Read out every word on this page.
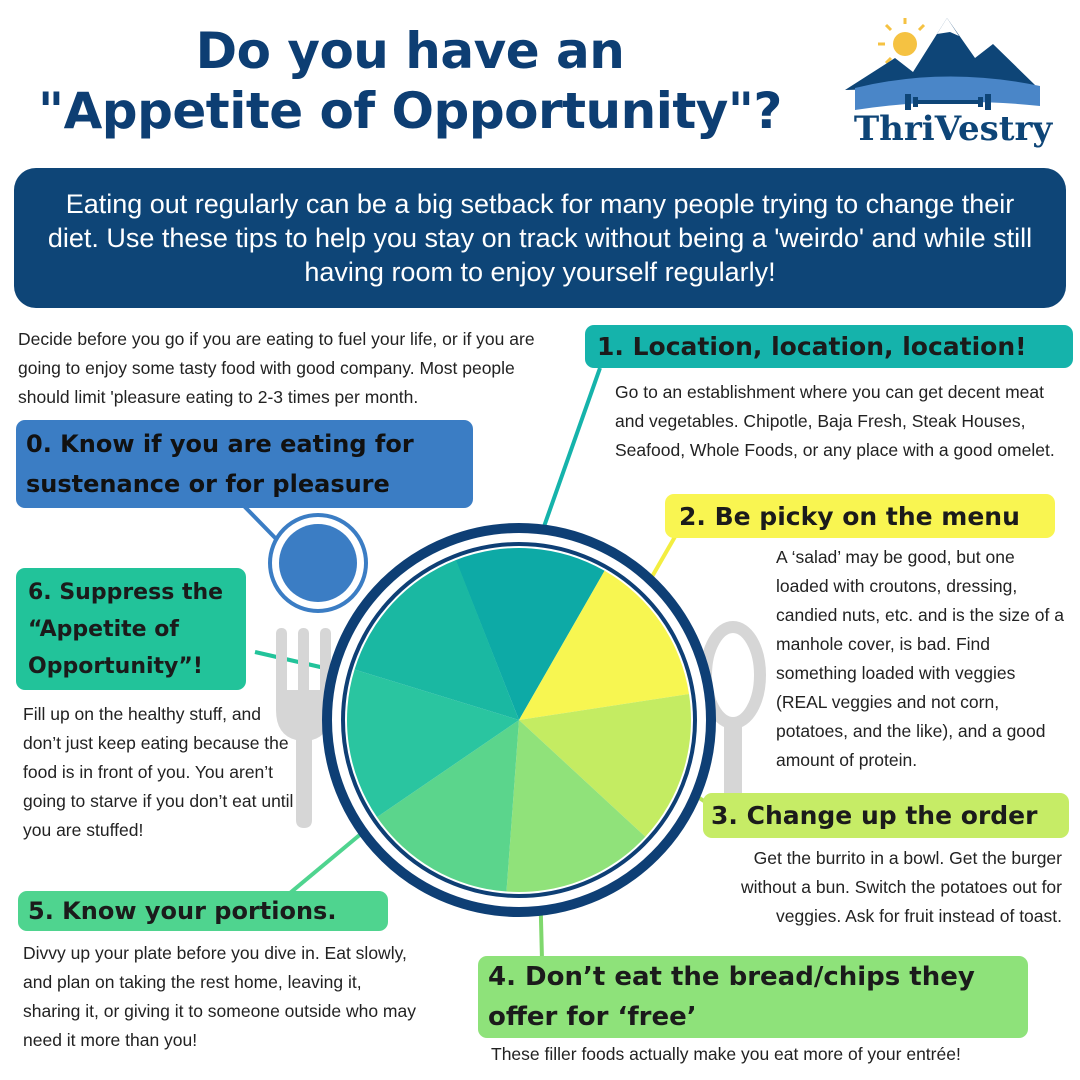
Do you have an
"Appetite of Opportunity"?	ThriVestry
Eating out regularly can be a big setback for many people trying to change their diet. Use these tips to help you stay on track without being a 'weirdo' and while still having room to enjoy yourself regularly!
Decide before you go if you are eating to fuel your life, or if you are going to enjoy some tasty food with good company. Most people should limit 'pleasure eating to 2-3 times per month.
0. Know if you are eating for sustenance or for pleasure
1. Location, location, location!
Go to an establishment where you can get decent meat and vegetables. Chipotle, Baja Fresh, Steak Houses, Seafood, Whole Foods, or any place with a good omelet.
2. Be picky on the menu
A ‘salad’ may be good, but one loaded with croutons, dressing, candied nuts, etc. and is the size of a manhole cover, is bad. Find something loaded with veggies (REAL veggies and not corn, potatoes, and the like), and a good amount of protein.
6. Suppress the “Appetite of Opportunity”!
Fill up on the healthy stuff, and don’t just keep eating because the food is in front of you. You aren’t going to starve if you don’t eat until you are stuffed!	3. Change up the order
Get the burrito in a bowl. Get the burger without a bun. Switch the potatoes out for veggies. Ask for fruit instead of toast.
5. Know your portions.
Divvy up your plate before you dive in. Eat slowly, and plan on taking the rest home, leaving it, sharing it, or giving it to someone outside who may need it more than you!
4. Don’t eat the bread/chips they offer for ‘free’
These filler foods actually make you eat more of your entrée!
